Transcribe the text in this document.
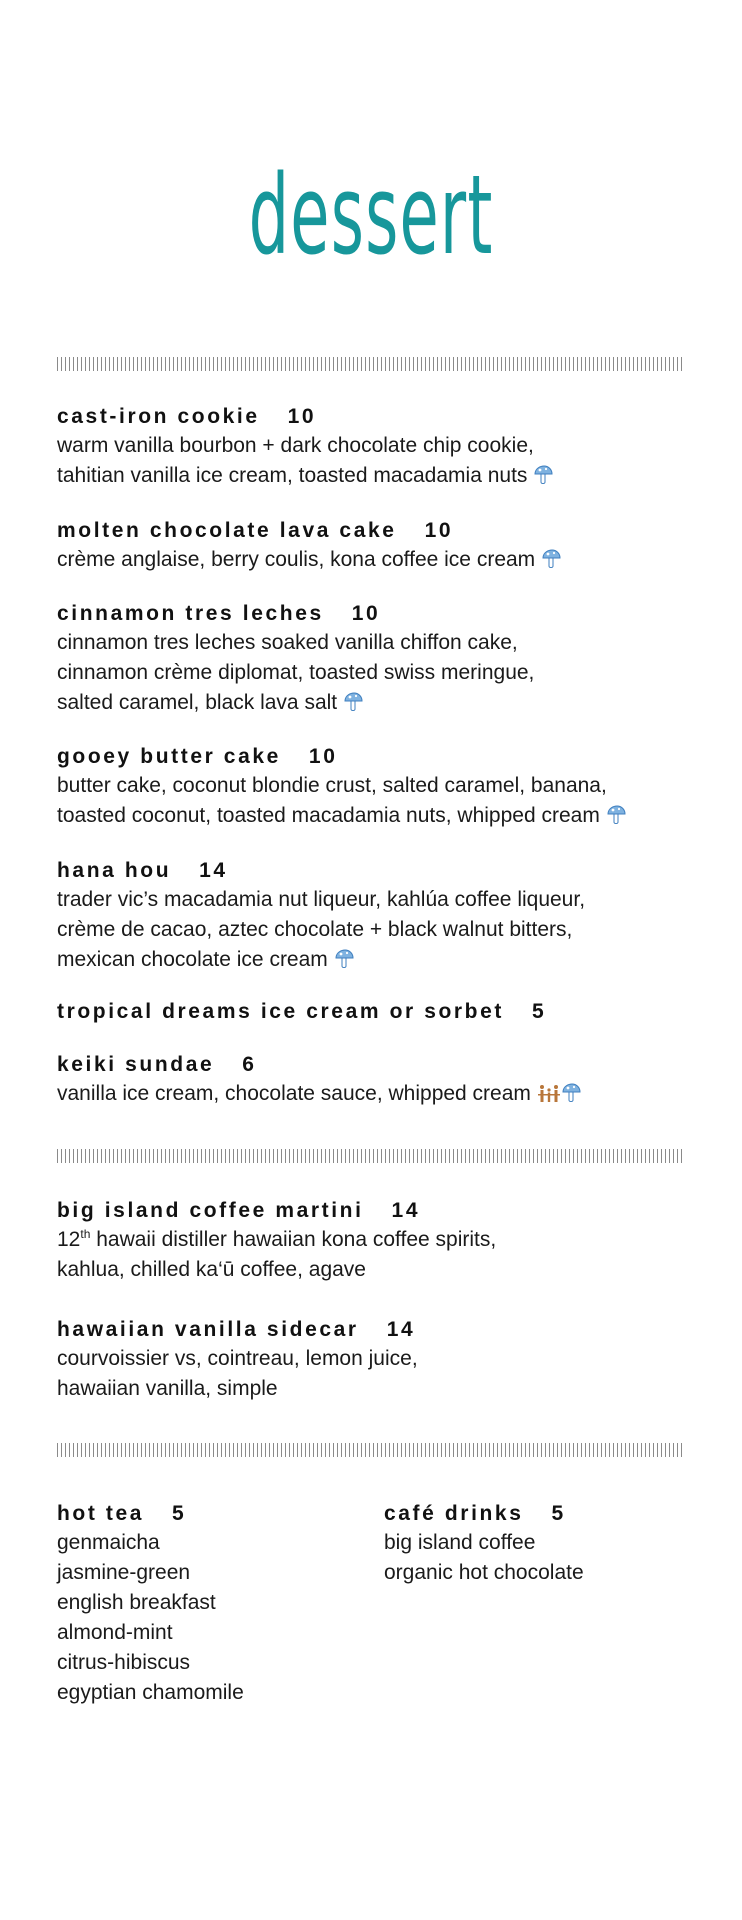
dessert
cast-iron cookie 10
warm vanilla bourbon + dark chocolate chip cookie,
tahitian vanilla ice cream, toasted macadamia nuts
molten chocolate lava cake 10
crème anglaise, berry coulis, kona coffee ice cream
cinnamon tres leches 10
cinnamon tres leches soaked vanilla chiffon cake,
cinnamon crème diplomat, toasted swiss meringue,
salted caramel, black lava salt
gooey butter cake 10
butter cake, coconut blondie crust, salted caramel, banana,
toasted coconut, toasted macadamia nuts, whipped cream
hana hou 14
trader vic’s macadamia nut liqueur, kahlúa coffee liqueur,
crème de cacao, aztec chocolate + black walnut bitters,
mexican chocolate ice cream
tropical dreams ice cream or sorbet 5
keiki sundae 6
vanilla ice cream, chocolate sauce, whipped cream
big island coffee martini 14
12th hawaii distiller hawaiian kona coffee spirits,
kahlua, chilled ka‘ū coffee, agave
hawaiian vanilla sidecar 14
courvoissier vs, cointreau, lemon juice,
hawaiian vanilla, simple
hot tea 5
genmaicha
jasmine-green
english breakfast
almond-mint
citrus-hibiscus
egyptian chamomile
café drinks 5
big island coffee
organic hot chocolate
